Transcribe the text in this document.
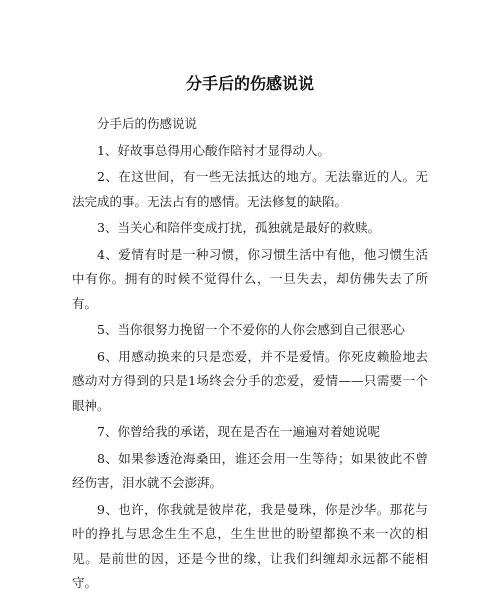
分手后的伤感说说

分手后的伤感说说

1、好故事总得用心酸作陪衬才显得动人。

2、在这世间，有一些无法抵达的地方。无法靠近的人。无法完成的事。无法占有的感情。无法修复的缺陷。

3、当关心和陪伴变成打扰，孤独就是最好的救赎。

4、爱情有时是一种习惯，你习惯生活中有他，他习惯生活中有你。拥有的时候不觉得什么，一旦失去，却仿佛失去了所有。

5、当你很努力挽留一个不爱你的人你会感到自己很恶心

6、用感动换来的只是恋爱，并不是爱情。你死皮赖脸地去感动对方得到的只是1场终会分手的恋爱，爱情——只需要一个眼神。

7、你曾给我的承诺，现在是否在一遍遍对着她说呢

8、如果参透沧海桑田，谁还会用一生等待；如果彼此不曾经伤害，泪水就不会澎湃。

9、也许，你我就是彼岸花，我是曼珠，你是沙华。那花与叶的挣扎与思念生生不息，生生世世的盼望都换不来一次的相见。是前世的因，还是今世的缘，让我们纠缠却永远都不能相守。
